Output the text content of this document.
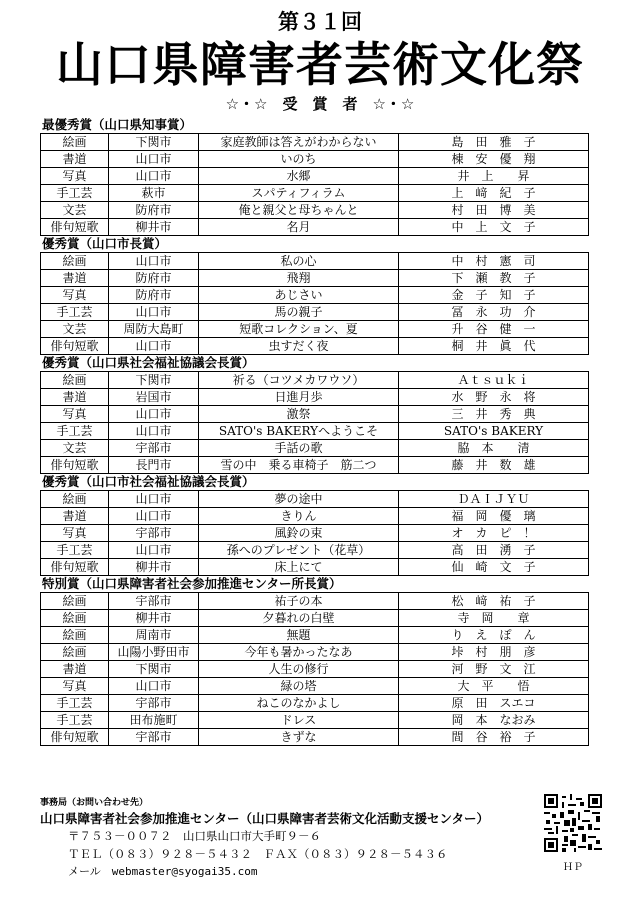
第３１回
山口県障害者芸術文化祭
☆・☆　受　賞　者　☆・☆
最優秀賞（山口県知事賞）
絵画	下関市	家庭教師は答えがわからない	島　田　雅　子
書道	山口市	いのち	棟　安　優　翔
写真	山口市	水郷	井　上　　昇
手工芸	萩市	スパティフィラム	上　﨑　紀　子
文芸	防府市	俺と親父と母ちゃんと	村　田　博　美
俳句短歌	柳井市	名月	中　上　文　子
優秀賞（山口市長賞）
絵画	山口市	私の心	中　村　憲　司
書道	防府市	飛翔	下　瀬　教　子
写真	防府市	あじさい	金　子　知　子
手工芸	山口市	馬の親子	冨　永　功　介
文芸	周防大島町	短歌コレクション、夏	升　谷　健　一
俳句短歌	山口市	虫すだく夜	桐　井　眞　代
優秀賞（山口県社会福祉協議会長賞）
絵画	下関市	祈る（コツメカワウソ）	Ａｔｓｕｋｉ
書道	岩国市	日進月歩	水　野　永　将
写真	山口市	激祭	三　井　秀　典
手工芸	山口市	SATO's BAKERYへようこそ	SATO's BAKERY
文芸	宇部市	手話の歌	脇　本　　清
俳句短歌	長門市	雪の中　乗る車椅子　筋二つ	藤　井　数　雄
優秀賞（山口市社会福祉協議会長賞）
絵画	山口市	夢の途中	ＤＡＩＪＹＵ
書道	山口市	きりん	福　岡　優　璃
写真	宇部市	風鈴の束	オ　カ　ピ　！
手工芸	山口市	孫へのプレゼント（花草）	高　田　湧　子
俳句短歌	柳井市	床上にて	仙　崎　文　子
特別賞（山口県障害者社会参加推進センター所長賞）
絵画	宇部市	祐子の本	松　﨑　祐　子
絵画	柳井市	夕暮れの白壁	寺　岡　　章
絵画	周南市	無題	り　え　ぽ　ん
絵画	山陽小野田市	今年も暑かったなあ	垰　村　朋　彦
書道	下関市	人生の修行	河　野　文　江
写真	山口市	緑の塔	大　平　　悟
手工芸	宇部市	ねこのなかよし	原　田　スエコ
手工芸	田布施町	ドレス	岡　本　なおみ
俳句短歌	宇部市	きずな	間　谷　裕　子
事務局（お問い合わせ先）
山口県障害者社会参加推進センター（山口県障害者芸術文化活動支援センター）
〒７５３－００７２　山口県山口市大手町９－６
ＴＥＬ（０８３）９２８－５４３２　ＦＡＸ（０８３）９２８－５４３６
メール　webmaster@syogai35.com	ＨＰ
